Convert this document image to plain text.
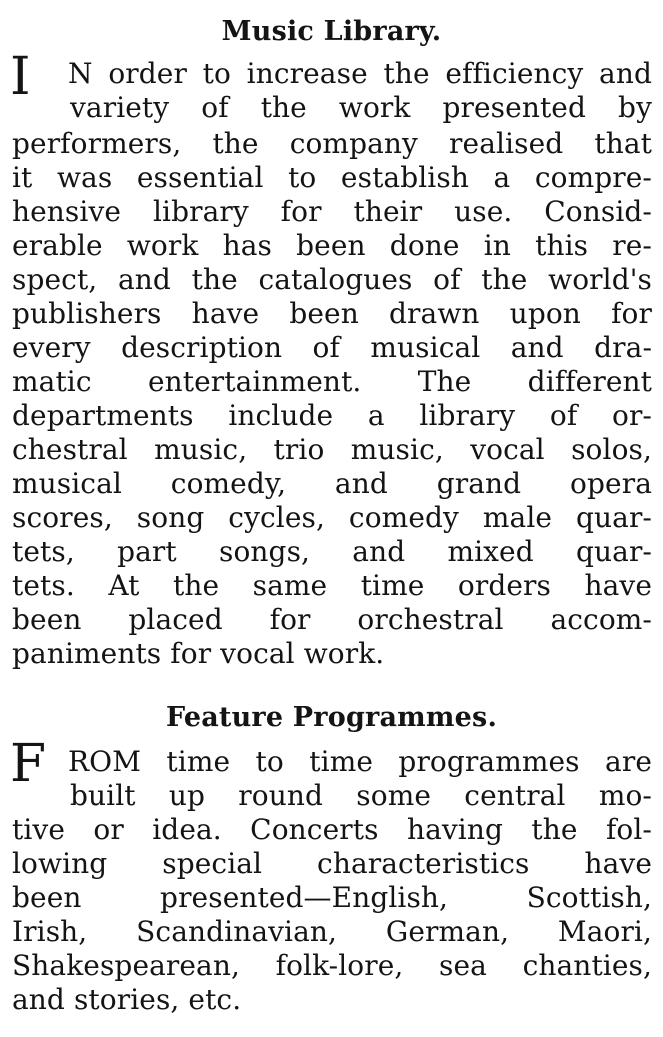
Music Library.
I N order to increase the efficiency and
variety of the work presented by
performers, the company realised that
it was essential to establish a compre-
hensive library for their use. Consid-
erable work has been done in this re-
spect, and the catalogues of the world's
publishers have been drawn upon for
every description of musical and dra-
matic entertainment. The different
departments include a library of or-
chestral music, trio music, vocal solos,
musical comedy, and grand opera
scores, song cycles, comedy male quar-
tets, part songs, and mixed quar-
tets. At the same time orders have
been placed for orchestral accom-
paniments for vocal work.
Feature Programmes.
F ROM time to time programmes are
built up round some central mo-
tive or idea. Concerts having the fol-
lowing special characteristics have
been presented—English, Scottish,
Irish, Scandinavian, German, Maori,
Shakespearean, folk-lore, sea chanties,
and stories, etc.
